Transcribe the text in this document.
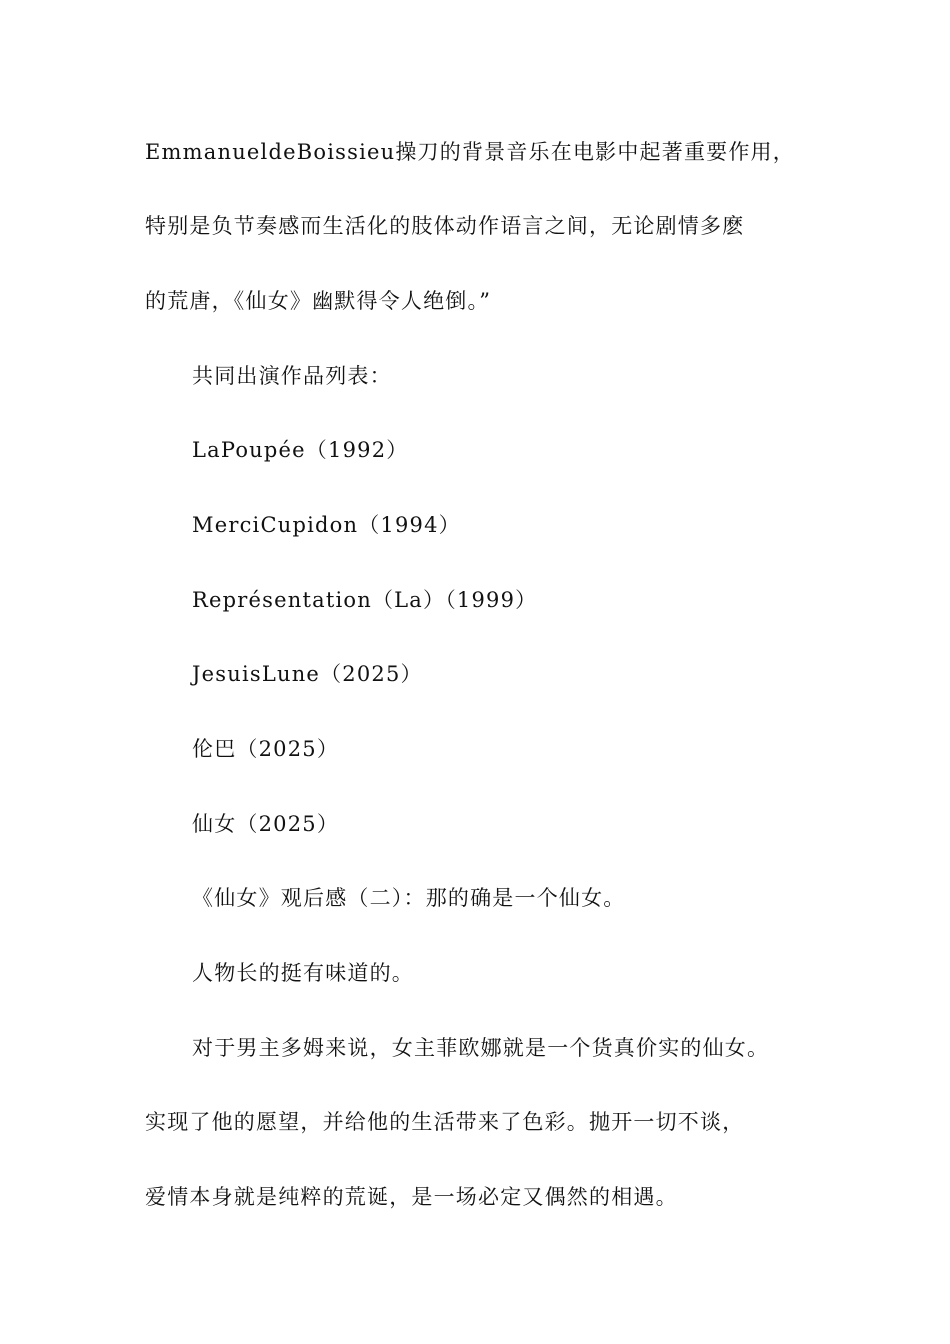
EmmanueldeBoissieu操刀的背景音乐在电影中起著重要作用，
特别是负节奏感而生活化的肢体动作语言之间，无论剧情多麽
的荒唐，《仙女》幽默得令人绝倒。”
共同出演作品列表：
LaPoupée（1992）
MerciCupidon（1994）
Représentation（La）（1999）
JesuisLune（2025）
伦巴（2025）
仙女（2025）
《仙女》观后感（二）：那的确是一个仙女。
人物长的挺有味道的。
对于男主多姆来说，女主菲欧娜就是一个货真价实的仙女。
实现了他的愿望，并给他的生活带来了色彩。抛开一切不谈，
爱情本身就是纯粹的荒诞，是一场必定又偶然的相遇。
